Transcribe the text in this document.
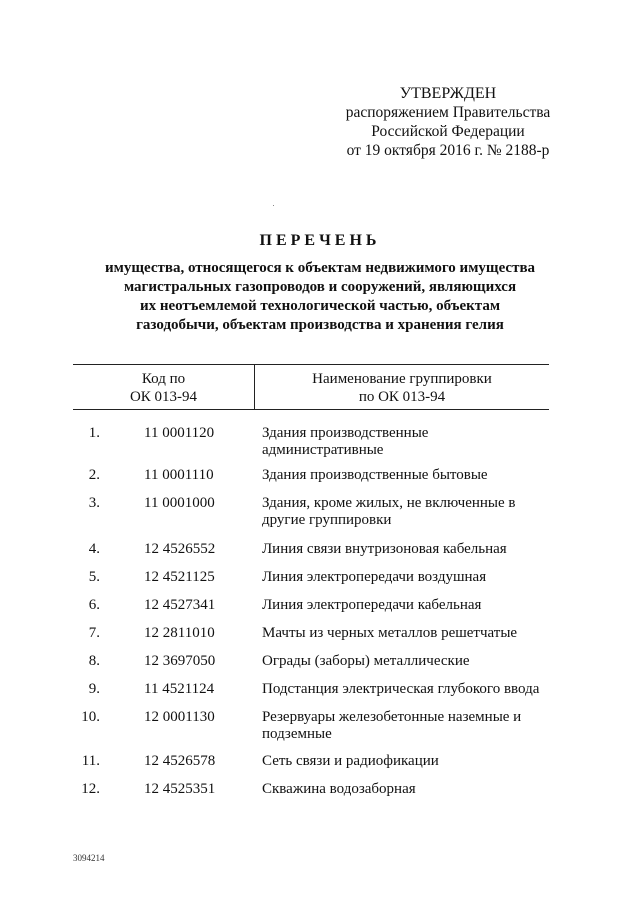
УТВЕРЖДЕН
распоряжением Правительства
Российской Федерации
от 19 октября 2016 г. № 2188-р
ПЕРЕЧЕНЬ
имущества, относящегося к объектам недвижимого имущества
магистральных газопроводов и сооружений, являющихся
их неотъемлемой технологической частью, объектам
газодобычи, объектам производства и хранения гелия
Код по
ОК 013-94
Наименование группировки
по ОК 013-94
1.	11 0001120	Здания производственные административные
2.	11 0001110	Здания производственные бытовые
3.	11 0001000	Здания, кроме жилых, не включенные в другие группировки
4.	12 4526552	Линия связи внутризоновая кабельная
5.	12 4521125	Линия электропередачи воздушная
6.	12 4527341	Линия электропередачи кабельная
7.	12 2811010	Мачты из черных металлов решетчатые
8.	12 3697050	Ограды (заборы) металлические
9.	11 4521124	Подстанция электрическая глубокого ввода
10.	12 0001130	Резервуары железобетонные наземные и подземные
11.	12 4526578	Сеть связи и радиофикации
12.	12 4525351	Скважина водозаборная
3094214
